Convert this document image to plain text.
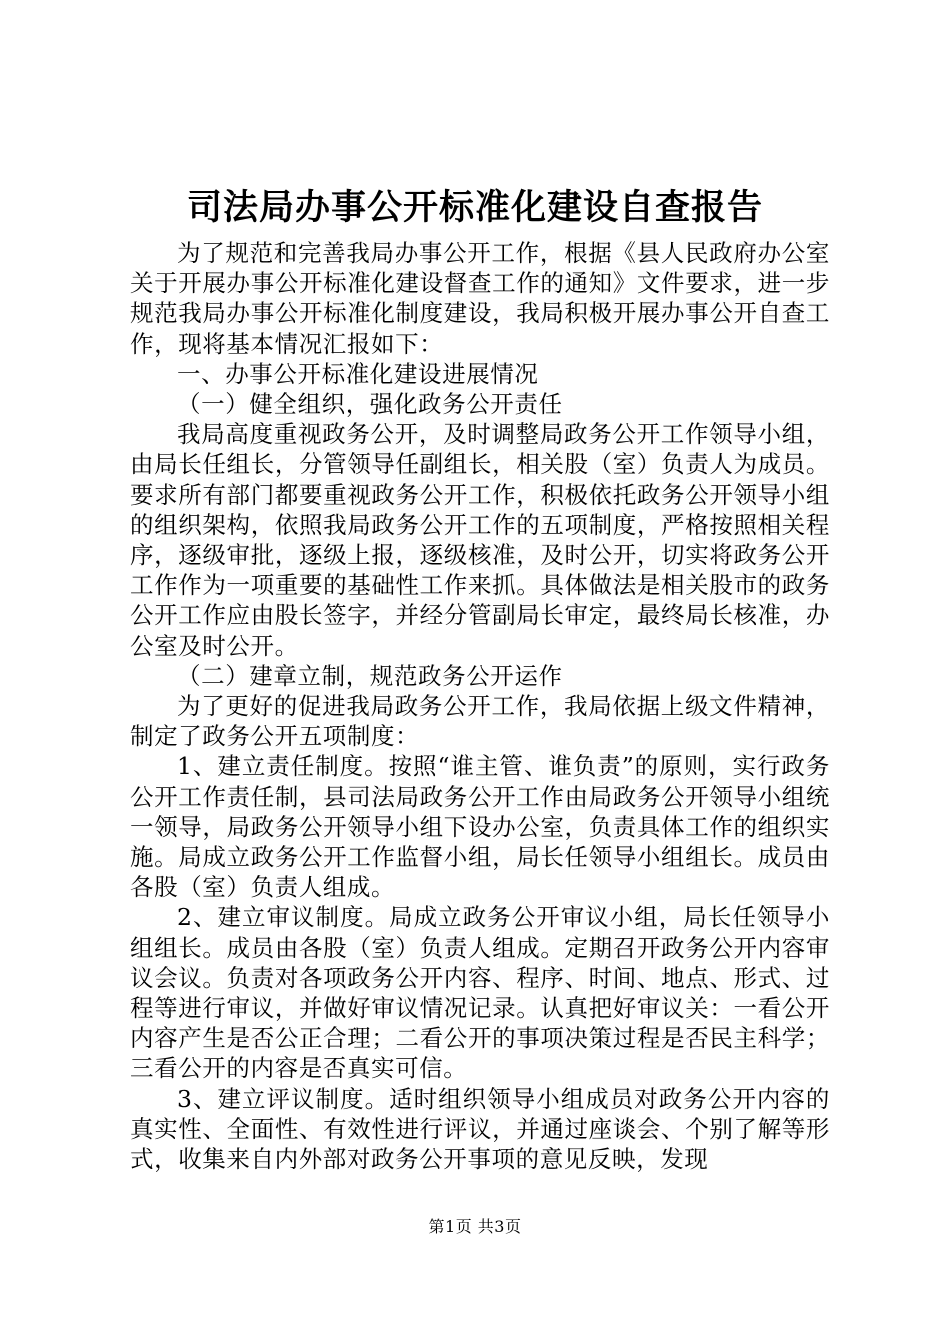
司法局办事公开标准化建设自查报告

为了规范和完善我局办事公开工作，根据《县人民政府办公室关于开展办事公开标准化建设督查工作的通知》文件要求，进一步规范我局办事公开标准化制度建设，我局积极开展办事公开自查工作，现将基本情况汇报如下：

一、办事公开标准化建设进展情况

（一）健全组织，强化政务公开责任

我局高度重视政务公开，及时调整局政务公开工作领导小组，由局长任组长，分管领导任副组长，相关股（室）负责人为成员。要求所有部门都要重视政务公开工作，积极依托政务公开领导小组的组织架构，依照我局政务公开工作的五项制度，严格按照相关程序，逐级审批，逐级上报，逐级核准，及时公开，切实将政务公开工作作为一项重要的基础性工作来抓。具体做法是相关股市的政务公开工作应由股长签字，并经分管副局长审定，最终局长核准，办公室及时公开。

（二）建章立制，规范政务公开运作

为了更好的促进我局政务公开工作，我局依据上级文件精神，制定了政务公开五项制度：

1、建立责任制度。按照“谁主管、谁负责”的原则，实行政务公开工作责任制，县司法局政务公开工作由局政务公开领导小组统一领导，局政务公开领导小组下设办公室，负责具体工作的组织实施。局成立政务公开工作监督小组，局长任领导小组组长。成员由各股（室）负责人组成。

2、建立审议制度。局成立政务公开审议小组，局长任领导小组组长。成员由各股（室）负责人组成。定期召开政务公开内容审议会议。负责对各项政务公开内容、程序、时间、地点、形式、过程等进行审议，并做好审议情况记录。认真把好审议关：一看公开内容产生是否公正合理；二看公开的事项决策过程是否民主科学；三看公开的内容是否真实可信。

3、建立评议制度。适时组织领导小组成员对政务公开内容的真实性、全面性、有效性进行评议，并通过座谈会、个别了解等形式，收集来自内外部对政务公开事项的意见反映，发现

第1页 共3页
